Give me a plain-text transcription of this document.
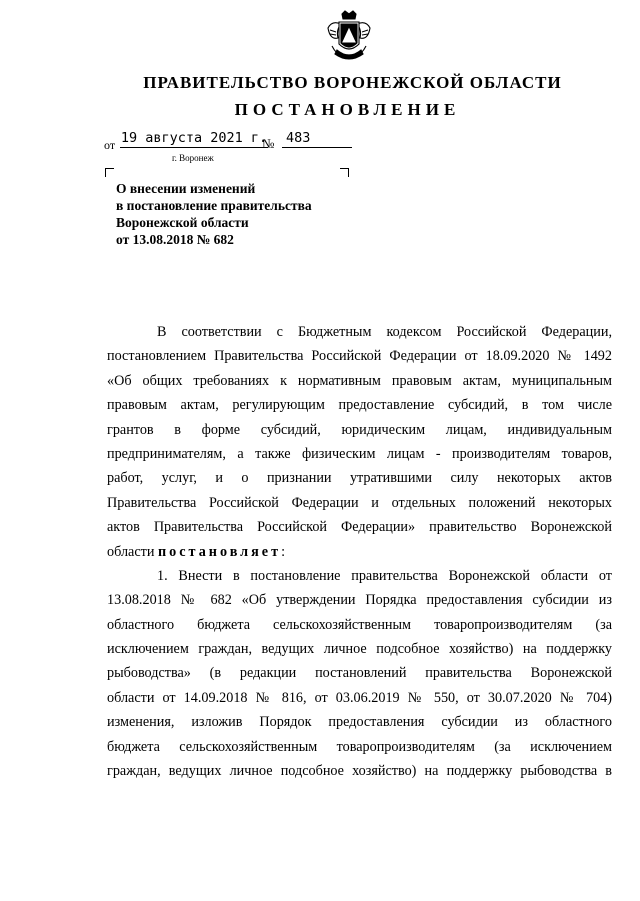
ПРАВИТЕЛЬСТВО ВОРОНЕЖСКОЙ ОБЛАСТИ
ПОСТАНОВЛЕНИЕ
от 19 августа 2021 г.
№ 483
г. Воронеж
О внесении изменений
в постановление правительства
Воронежской области
от 13.08.2018 № 682
В соответствии с Бюджетным кодексом Российской Федерации,
постановлением Правительства Российской Федерации от 18.09.2020 № 1492
«Об общих требованиях к нормативным правовым актам, муниципальным
правовым актам, регулирующим предоставление субсидий, в том числе
грантов в форме субсидий, юридическим лицам, индивидуальным
предпринимателям, а также физическим лицам - производителям товаров,
работ, услуг, и о признании утратившими силу некоторых актов
Правительства Российской Федерации и отдельных положений некоторых
актов Правительства Российской Федерации» правительство Воронежской
области постановляет:
1. Внести в постановление правительства Воронежской области от
13.08.2018 № 682 «Об утверждении Порядка предоставления субсидии из
областного бюджета сельскохозяйственным товаропроизводителям (за
исключением граждан, ведущих личное подсобное хозяйство) на поддержку
рыбоводства» (в редакции постановлений правительства Воронежской
области от 14.09.2018 № 816, от 03.06.2019 № 550, от 30.07.2020 № 704)
изменения, изложив Порядок предоставления субсидии из областного
бюджета сельскохозяйственным товаропроизводителям (за исключением
граждан, ведущих личное подсобное хозяйство) на поддержку рыбоводства в
